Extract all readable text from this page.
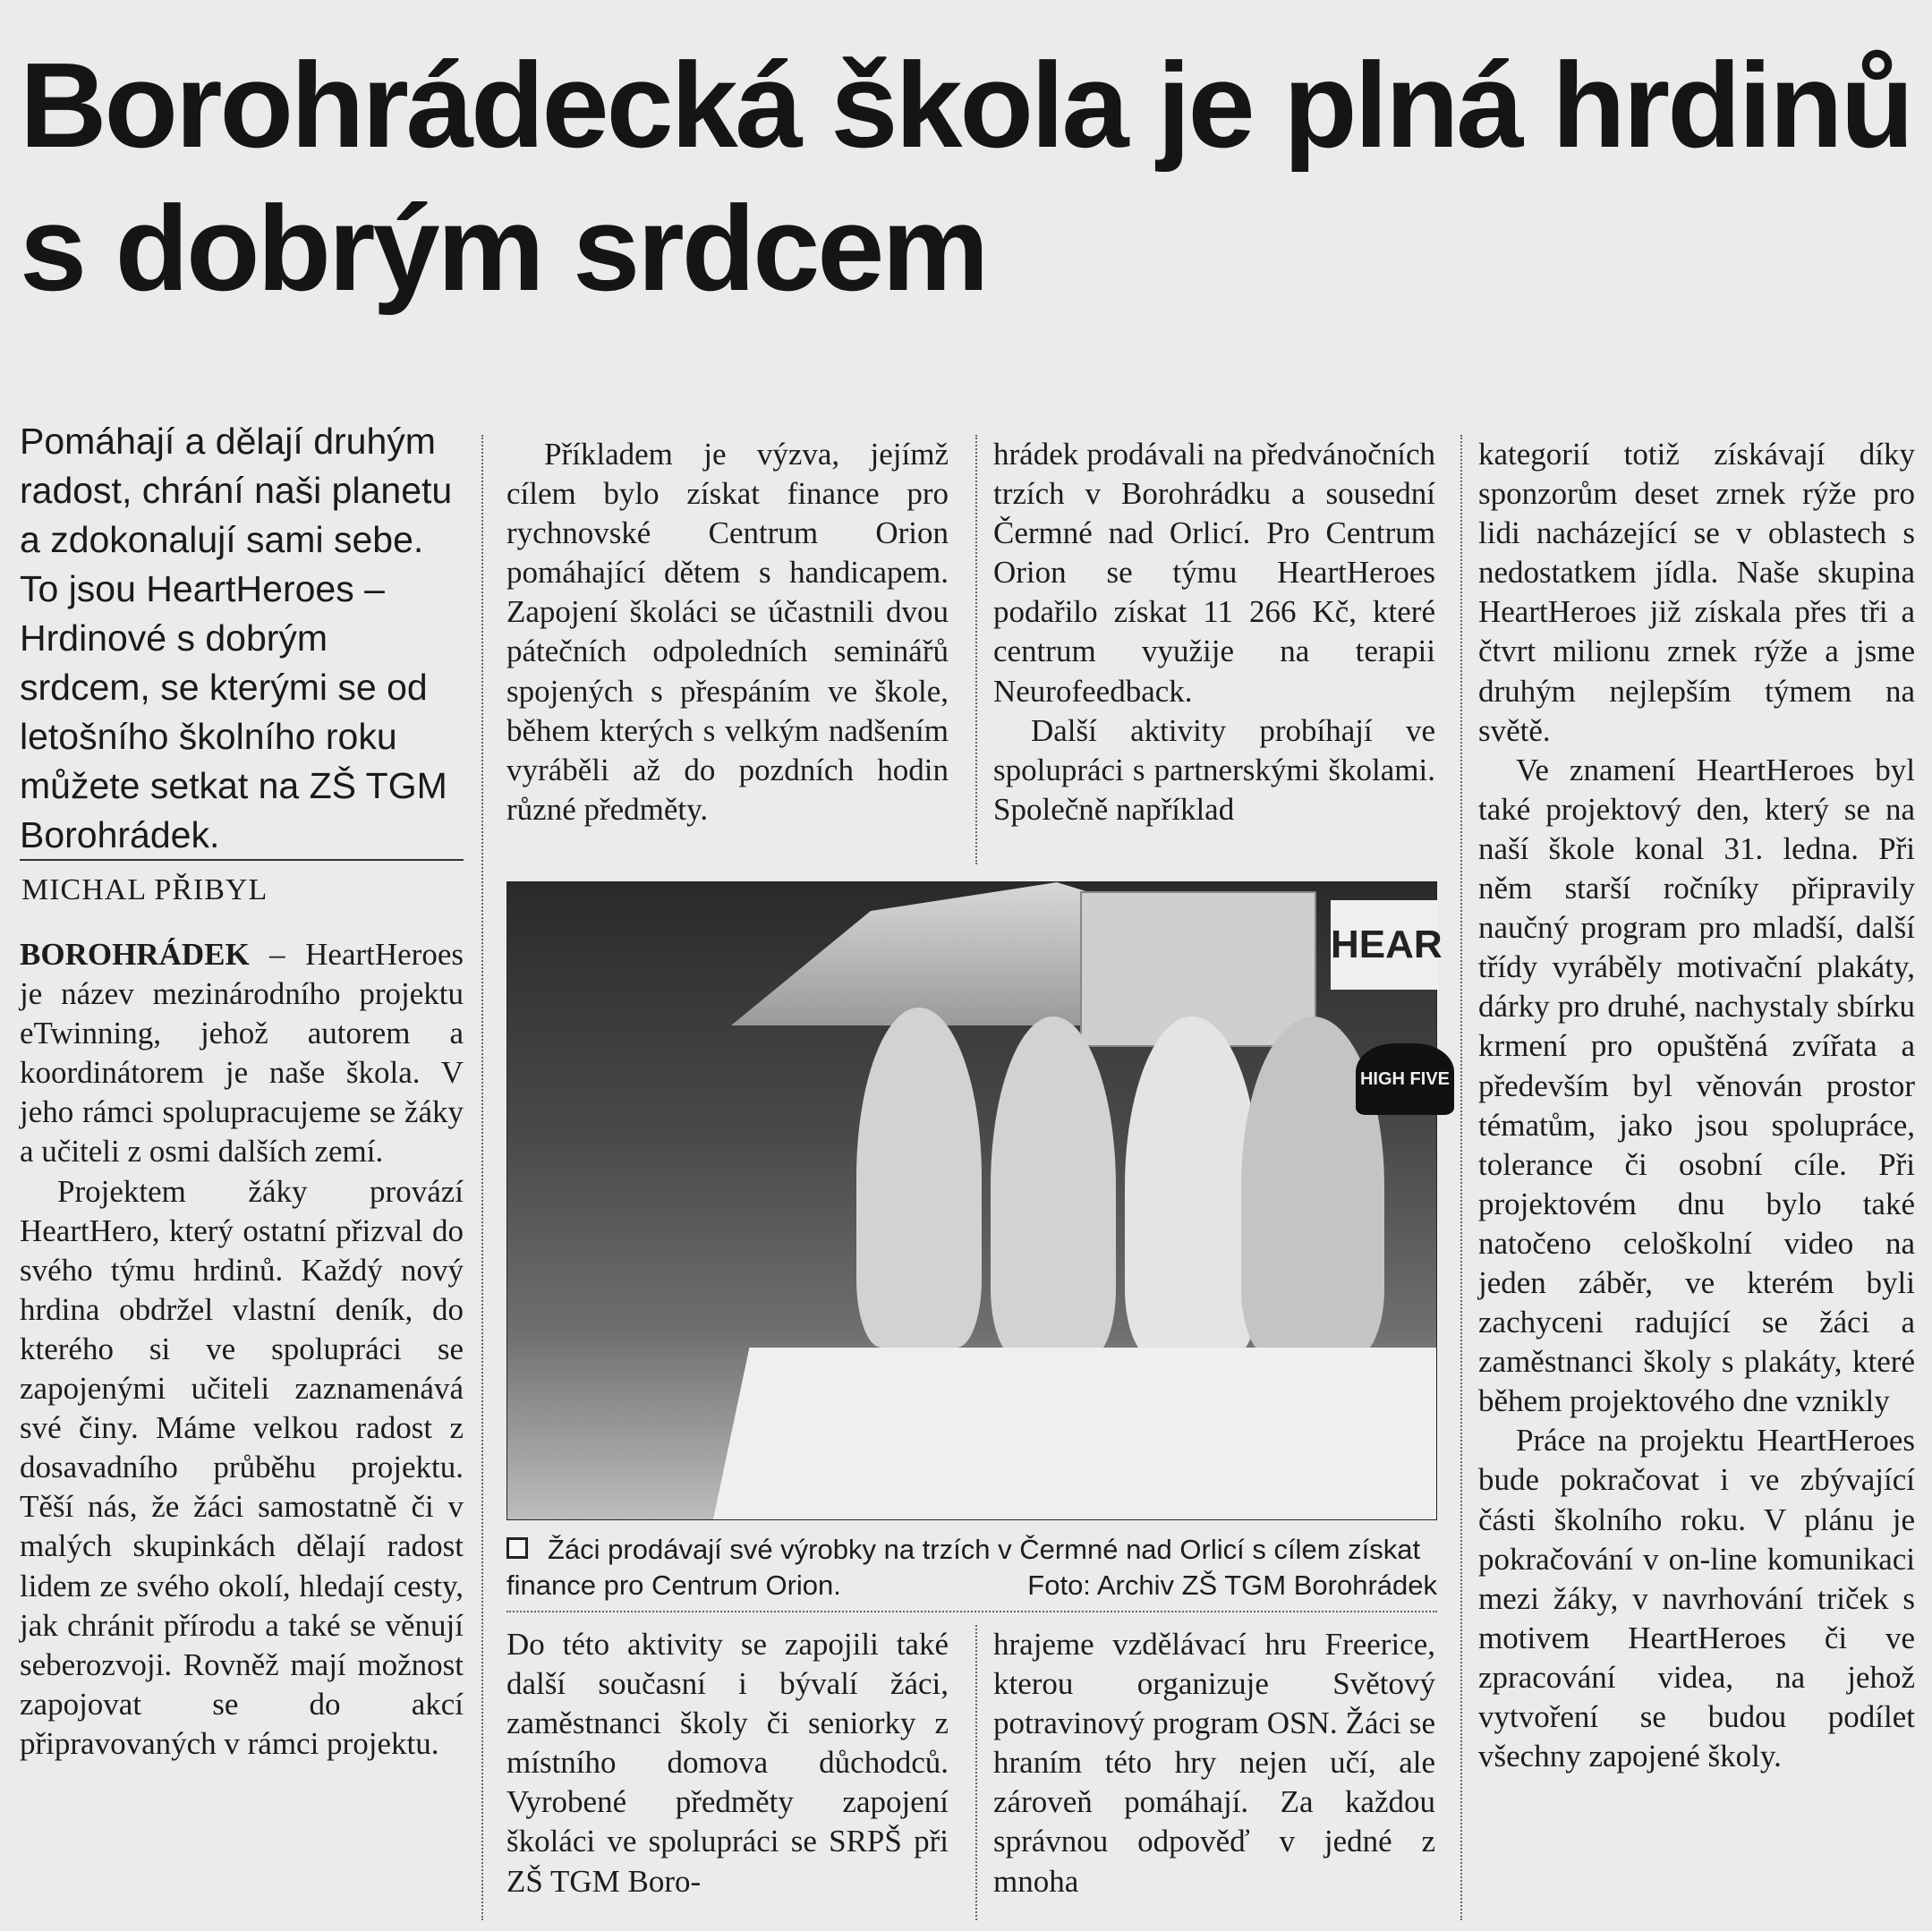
Borohrádecká škola je plná hrdinů s dobrým srdcem

Pomáhají a dělají druhým radost, chrání naši planetu a zdokonalují sami sebe. To jsou HeartHeroes – Hrdinové s dobrým srdcem, se kterými se od letošního školního roku můžete setkat na ZŠ TGM Borohrádek.

MICHAL PŘIBYL

BOROHRÁDEK – HeartHeroes je název mezinárodního projektu eTwinning, jehož autorem a koordinátorem je naše škola. V jeho rámci spolupracujeme se žáky a učiteli z osmi dalších zemí.

Projektem žáky provází HeartHero, který ostatní přizval do svého týmu hrdinů. Každý nový hrdina obdržel vlastní deník, do kterého si ve spolupráci se zapojenými učiteli zaznamenává své činy. Máme velkou radost z dosavadního průběhu projektu. Těší nás, že žáci samostatně či v malých skupinkách dělají radost lidem ze svého okolí, hledají cesty, jak chránit přírodu a také se věnují seberozvoji. Rovněž mají možnost zapojovat se do akcí připravovaných v rámci projektu.

Příkladem je výzva, jejímž cílem bylo získat finance pro rychnovské Centrum Orion pomáhající dětem s handicapem. Zapojení školáci se účastnili dvou pátečních odpoledních seminářů spojených s přespáním ve škole, během kterých s velkým nadšením vyráběli až do pozdních hodin různé předměty.

hrádek prodávali na předvánočních trzích v Borohrádku a sousední Čermné nad Orlicí. Pro Centrum Orion se týmu HeartHeroes podařilo získat 11 266 Kč, které centrum využije na terapii Neurofeedback.

Další aktivity probíhají ve spolupráci s partnerskými školami. Společně například

HEAR
HIGH FIVE

Žáci prodávají své výrobky na trzích v Čermné nad Orlicí s cílem získat finance pro Centrum Orion.	Foto: Archiv ZŠ TGM Borohrádek

Do této aktivity se zapojili také další současní i bývalí žáci, zaměstnanci školy či seniorky z místního domova důchodců. Vyrobené předměty zapojení školáci ve spolupráci se SRPŠ při ZŠ TGM Boro-

hrajeme vzdělávací hru Freerice, kterou organizuje Světový potravinový program OSN. Žáci se hraním této hry nejen učí, ale zároveň pomáhají. Za každou správnou odpověď v jedné z mnoha

kategorií totiž získávají díky sponzorům deset zrnek rýže pro lidi nacházející se v oblastech s nedostatkem jídla. Naše skupina HeartHeroes již získala přes tři a čtvrt milionu zrnek rýže a jsme druhým nejlepším týmem na světě.

Ve znamení HeartHeroes byl také projektový den, který se na naší škole konal 31. ledna. Při něm starší ročníky připravily naučný program pro mladší, další třídy vyráběly motivační plakáty, dárky pro druhé, nachystaly sbírku krmení pro opuštěná zvířata a především byl věnován prostor tématům, jako jsou spolupráce, tolerance či osobní cíle. Při projektovém dnu bylo také natočeno celoškolní video na jeden záběr, ve kterém byli zachyceni radující se žáci a zaměstnanci školy s plakáty, které během projektového dne vznikly

Práce na projektu HeartHeroes bude pokračovat i ve zbývající části školního roku. V plánu je pokračování v on-line komunikaci mezi žáky, v navrhování triček s motivem HeartHeroes či ve zpracování videa, na jehož vytvoření se budou podílet všechny zapojené školy.
